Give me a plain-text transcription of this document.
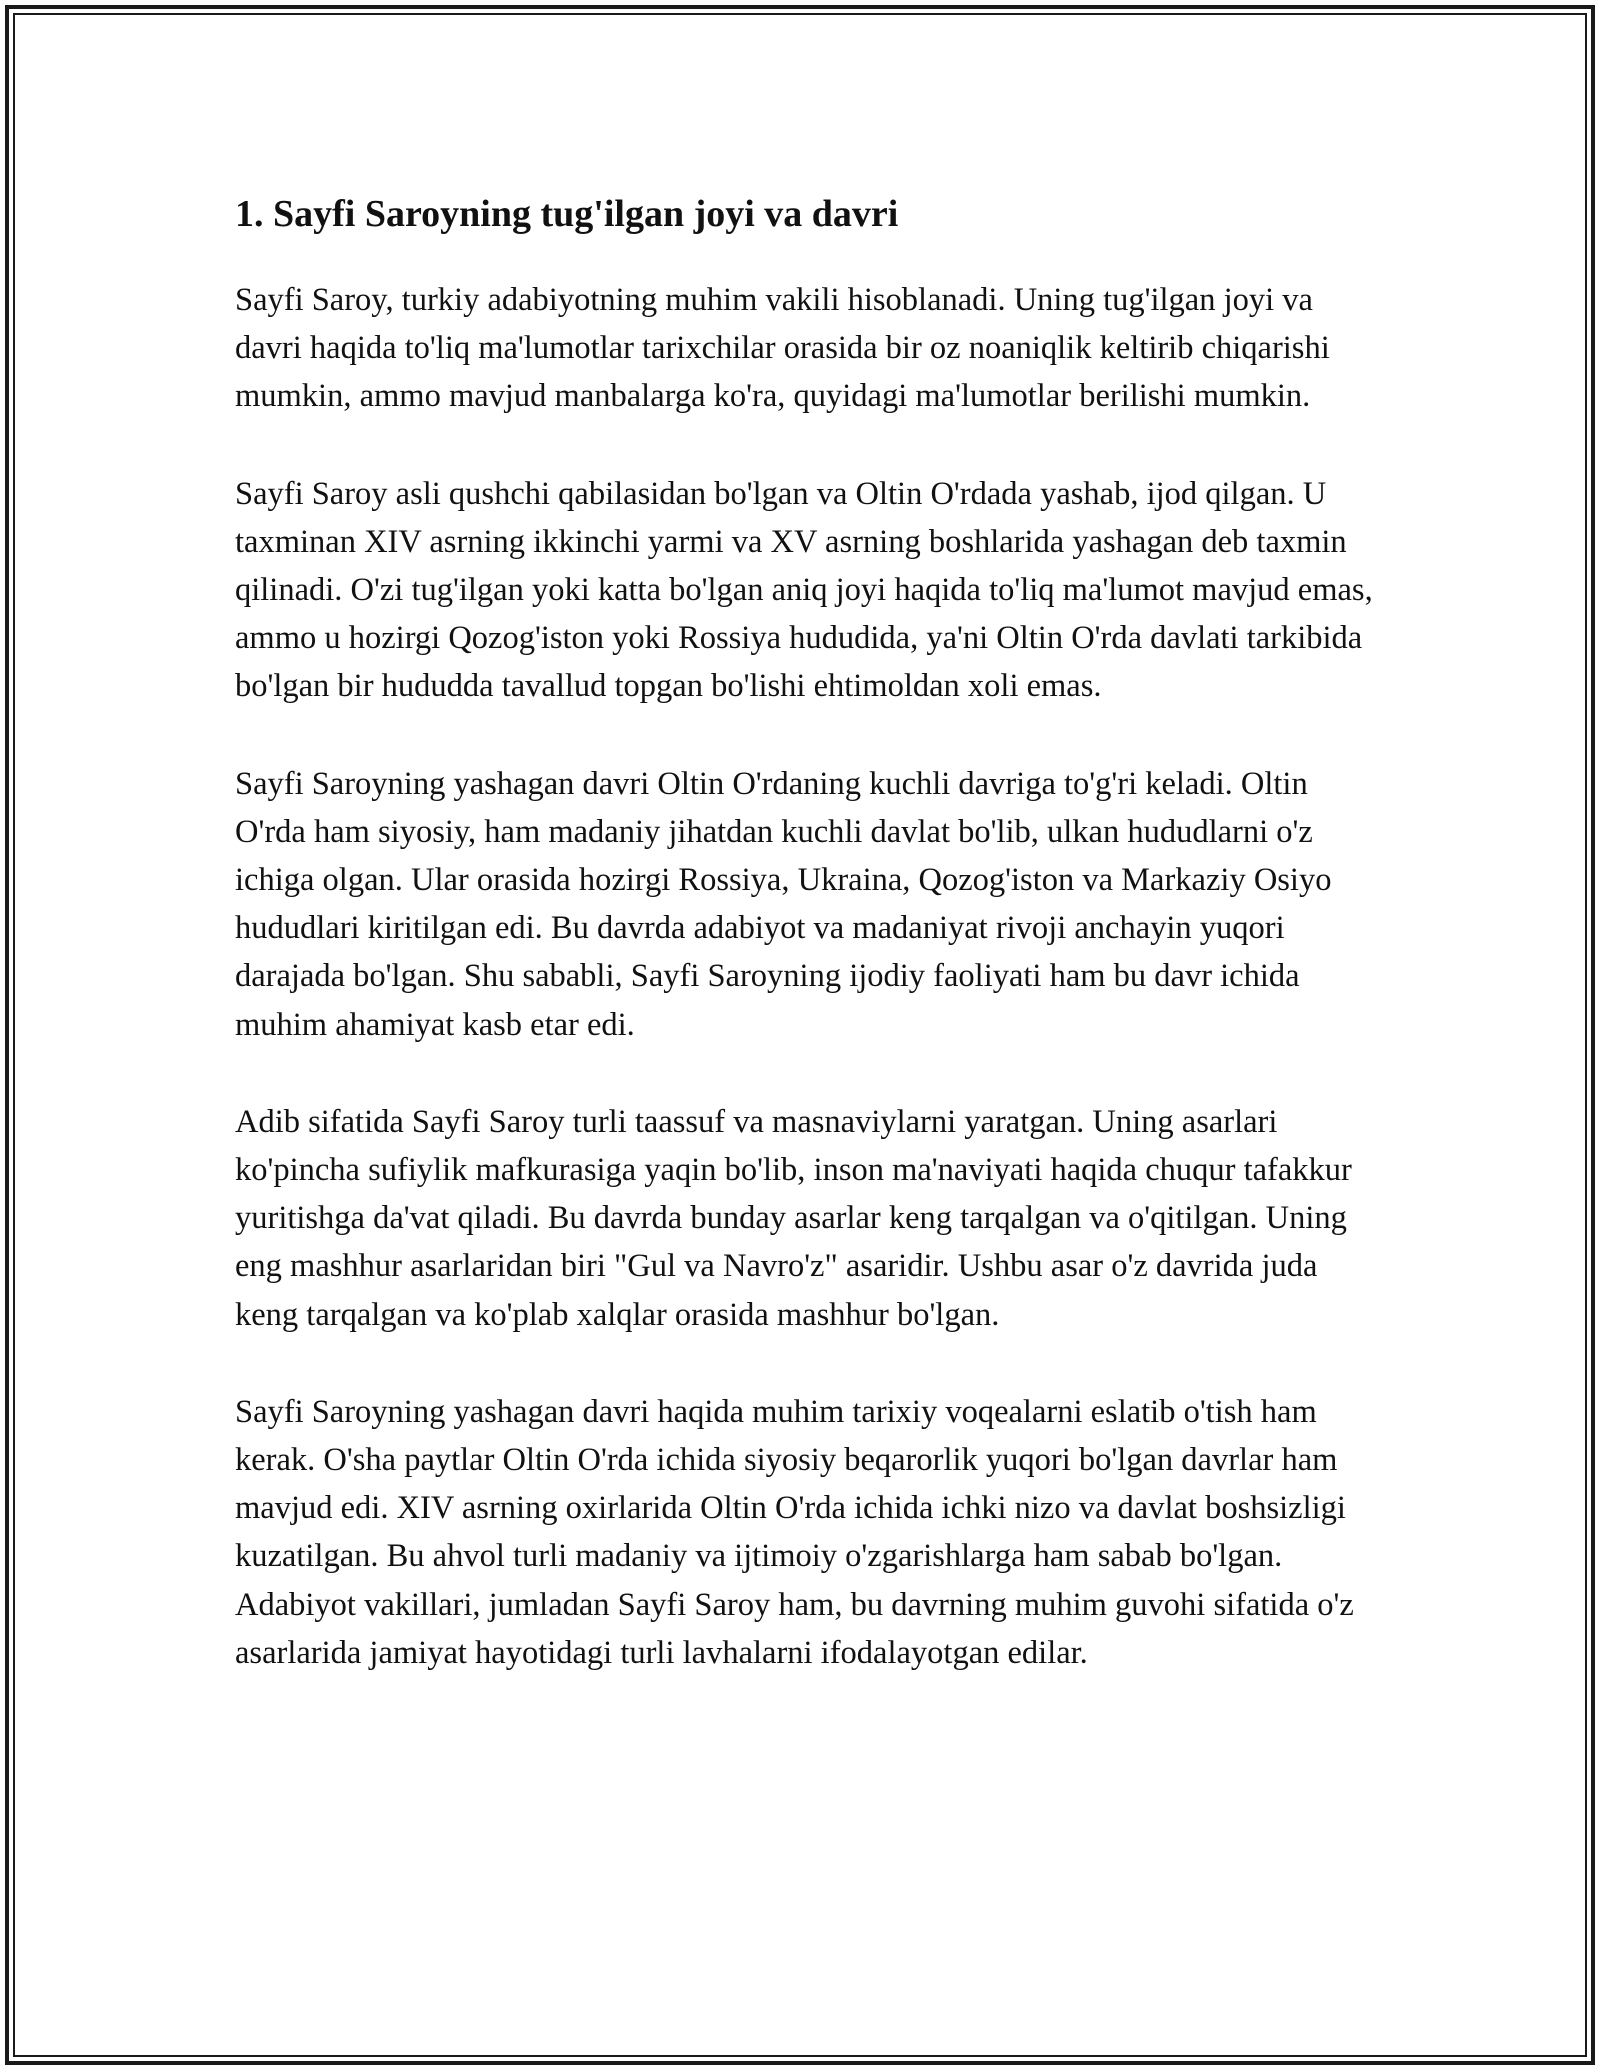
1. Sayfi Saroyning tug'ilgan joyi va davri

Sayfi Saroy, turkiy adabiyotning muhim vakili hisoblanadi. Uning tug'ilgan joyi va davri haqida to'liq ma'lumotlar tarixchilar orasida bir oz noaniqlik keltirib chiqarishi mumkin, ammo mavjud manbalarga ko'ra, quyidagi ma'lumotlar berilishi mumkin.

Sayfi Saroy asli qushchi qabilasidan bo'lgan va Oltin O'rdada yashab, ijod qilgan. U taxminan XIV asrning ikkinchi yarmi va XV asrning boshlarida yashagan deb taxmin qilinadi. O'zi tug'ilgan yoki katta bo'lgan aniq joyi haqida to'liq ma'lumot mavjud emas, ammo u hozirgi Qozog'iston yoki Rossiya hududida, ya'ni Oltin O'rda davlati tarkibida bo'lgan bir hududda tavallud topgan bo'lishi ehtimoldan xoli emas.

Sayfi Saroyning yashagan davri Oltin O'rdaning kuchli davriga to'g'ri keladi. Oltin O'rda ham siyosiy, ham madaniy jihatdan kuchli davlat bo'lib, ulkan hududlarni o'z ichiga olgan. Ular orasida hozirgi Rossiya, Ukraina, Qozog'iston va Markaziy Osiyo hududlari kiritilgan edi. Bu davrda adabiyot va madaniyat rivoji anchayin yuqori darajada bo'lgan. Shu sababli, Sayfi Saroyning ijodiy faoliyati ham bu davr ichida muhim ahamiyat kasb etar edi.

Adib sifatida Sayfi Saroy turli taassuf va masnaviylarni yaratgan. Uning asarlari ko'pincha sufiylik mafkurasiga yaqin bo'lib, inson ma'naviyati haqida chuqur tafakkur yuritishga da'vat qiladi. Bu davrda bunday asarlar keng tarqalgan va o'qitilgan. Uning eng mashhur asarlaridan biri "Gul va Navro'z" asaridir. Ushbu asar o'z davrida juda keng tarqalgan va ko'plab xalqlar orasida mashhur bo'lgan.

Sayfi Saroyning yashagan davri haqida muhim tarixiy voqealarni eslatib o'tish ham kerak. O'sha paytlar Oltin O'rda ichida siyosiy beqarorlik yuqori bo'lgan davrlar ham mavjud edi. XIV asrning oxirlarida Oltin O'rda ichida ichki nizo va davlat boshsizligi kuzatilgan. Bu ahvol turli madaniy va ijtimoiy o'zgarishlarga ham sabab bo'lgan. Adabiyot vakillari, jumladan Sayfi Saroy ham, bu davrning muhim guvohi sifatida o'z asarlarida jamiyat hayotidagi turli lavhalarni ifodalayotgan edilar.
